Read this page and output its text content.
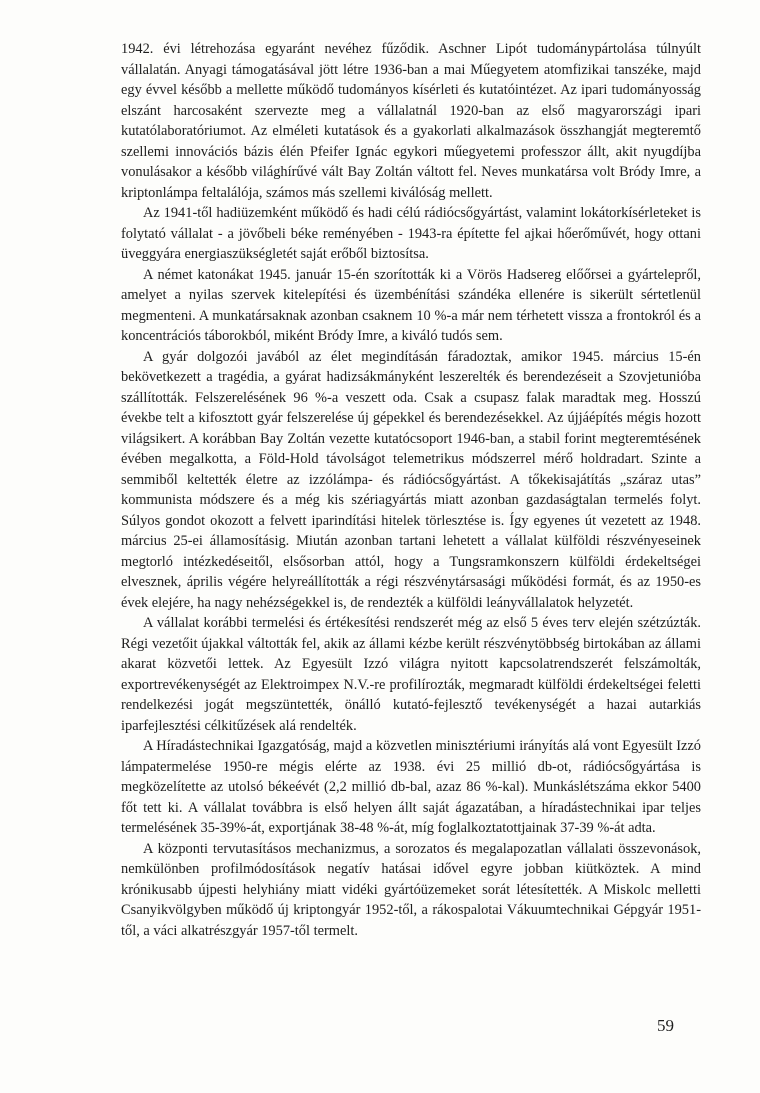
1942. évi létrehozása egyaránt nevéhez fűződik. Aschner Lipót tudománypártolása túlnyúlt vállalatán. Anyagi támogatásával jött létre 1936-ban a mai Műegyetem atomfizikai tanszéke, majd egy évvel később a mellette működő tudományos kísérleti és kutatóintézet. Az ipari tudományosság elszánt harcosaként szervezte meg a vállalatnál 1920-ban az első magyarországi ipari kutatólaboratóriumot. Az elméleti kutatások és a gyakorlati alkalmazások összhangját megteremtő szellemi innovációs bázis élén Pfeifer Ignác egykori műegyetemi professzor állt, akit nyugdíjba vonulásakor a később világhírűvé vált Bay Zoltán váltott fel. Neves munkatársa volt Bródy Imre, a kriptonlámpa feltalálója, számos más szellemi kiválóság mellett.

Az 1941-től hadiüzemként működő és hadi célú rádiócsőgyártást, valamint lokátorkísérleteket is folytató vállalat - a jövőbeli béke reményében - 1943-ra építette fel ajkai hőerőművét, hogy ottani üveggyára energiaszükségletét saját erőből biztosítsa.

A német katonákat 1945. január 15-én szorították ki a Vörös Hadsereg előőrsei a gyártelepről, amelyet a nyilas szervek kitelepítési és üzembénítási szándéka ellenére is sikerült sértetlenül megmenteni. A munkatársaknak azonban csaknem 10 %-a már nem térhetett vissza a frontokról és a koncentrációs táborokból, miként Bródy Imre, a kiváló tudós sem.

A gyár dolgozói javából az élet megindításán fáradoztak, amikor 1945. március 15-én bekövetkezett a tragédia, a gyárat hadizsákmányként leszerelték és berendezéseit a Szovjetunióba szállították. Felszerelésének 96 %-a veszett oda. Csak a csupasz falak maradtak meg. Hosszú évekbe telt a kifosztott gyár felszerelése új gépekkel és berendezésekkel. Az újjáépítés mégis hozott világsikert. A korábban Bay Zoltán vezette kutatócsoport 1946-ban, a stabil forint megteremtésének évében megalkotta, a Föld-Hold távolságot telemetrikus módszerrel mérő holdradart. Szinte a semmiből keltették életre az izzólámpa- és rádiócsőgyártást. A tőkekisajátítás „száraz utas” kommunista módszere és a még kis szériagyártás miatt azonban gazdaságtalan termelés folyt. Súlyos gondot okozott a felvett iparindítási hitelek törlesztése is. Így egyenes út vezetett az 1948. március 25-ei államosításig. Miután azonban tartani lehetett a vállalat külföldi részvényeseinek megtorló intézkedéseitől, elsősorban attól, hogy a Tungsramkonszern külföldi érdekeltségei elvesznek, április végére helyreállították a régi részvénytársasági működési formát, és az 1950-es évek elejére, ha nagy nehézségekkel is, de rendezték a külföldi leányvállalatok helyzetét.

A vállalat korábbi termelési és értékesítési rendszerét még az első 5 éves terv elején szétzúzták. Régi vezetőit újakkal váltották fel, akik az állami kézbe került részvénytöbbség birtokában az állami akarat közvetői lettek. Az Egyesült Izzó világra nyitott kapcsolatrendszerét felszámolták, exportrevékenységét az Elektroimpex N.V.-re profilírozták, megmaradt külföldi érdekeltségei feletti rendelkezési jogát megszüntették, önálló kutató-fejlesztő tevékenységét a hazai autarkiás iparfejlesztési célkitűzések alá rendelték.

A Híradástechnikai Igazgatóság, majd a közvetlen minisztériumi irányítás alá vont Egyesült Izzó lámpatermelése 1950-re mégis elérte az 1938. évi 25 millió db-ot, rádiócsőgyártása is megközelítette az utolsó békeévét (2,2 millió db-bal, azaz 86 %-kal). Munkáslétszáma ekkor 5400 főt tett ki. A vállalat továbbra is első helyen állt saját ágazatában, a híradástechnikai ipar teljes termelésének 35-39%-át, exportjának 38-48 %-át, míg foglalkoztatottjainak 37-39 %-át adta.

A központi tervutasításos mechanizmus, a sorozatos és megalapozatlan vállalati összevonások, nemkülönben profilmódosítások negatív hatásai idővel egyre jobban kiütköztek. A mind krónikusabb újpesti helyhiány miatt vidéki gyártóüzemeket sorát létesítették. A Miskolc melletti Csanyikvölgyben működő új kriptongyár 1952-től, a rákospalotai Vákuumtechnikai Gépgyár 1951-től, a váci alkatrészgyár 1957-től termelt.

59
